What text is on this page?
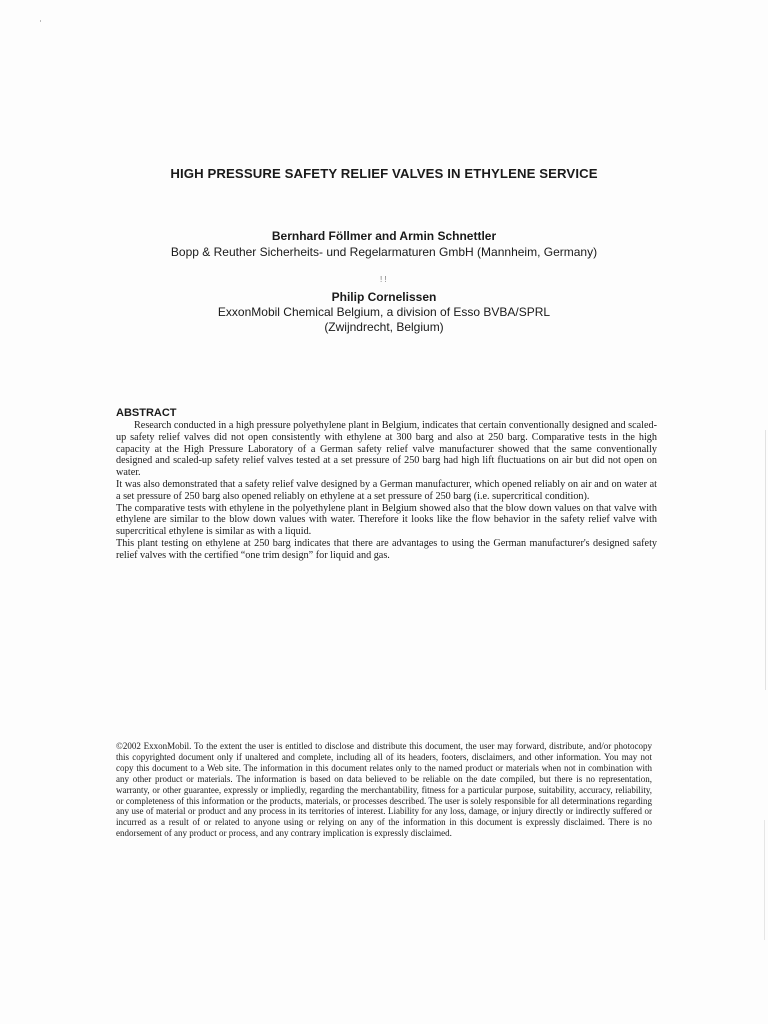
HIGH PRESSURE SAFETY RELIEF VALVES IN ETHYLENE SERVICE
Bernhard Föllmer and Armin Schnettler
Bopp & Reuther Sicherheits- und Regelarmaturen GmbH (Mannheim, Germany)
! !
Philip Cornelissen
ExxonMobil Chemical Belgium, a division of Esso BVBA/SPRL
(Zwijndrecht, Belgium)
ABSTRACT

Research conducted in a high pressure polyethylene plant in Belgium, indicates that certain conventionally designed and scaled-up safety relief valves did not open consistently with ethylene at 300 barg and also at 250 barg. Comparative tests in the high capacity at the High Pressure Laboratory of a German safety relief valve manufacturer showed that the same conventionally designed and scaled-up safety relief valves tested at a set pressure of 250 barg had high lift fluctuations on air but did not open on water.

It was also demonstrated that a safety relief valve designed by a German manufacturer, which opened reliably on air and on water at a set pressure of 250 barg also opened reliably on ethylene at a set pressure of 250 barg (i.e. supercritical condition).

The comparative tests with ethylene in the polyethylene plant in Belgium showed also that the blow down values on that valve with ethylene are similar to the blow down values with water. Therefore it looks like the flow behavior in the safety relief valve with supercritical ethylene is similar as with a liquid.

This plant testing on ethylene at 250 barg indicates that there are advantages to using the German manufacturer's designed safety relief valves with the certified “one trim design” for liquid and gas.

©2002 ExxonMobil. To the extent the user is entitled to disclose and distribute this document, the user may forward, distribute, and/or photocopy this copyrighted document only if unaltered and complete, including all of its headers, footers, disclaimers, and other information. You may not copy this document to a Web site. The information in this document relates only to the named product or materials when not in combination with any other product or materials. The information is based on data believed to be reliable on the date compiled, but there is no representation, warranty, or other guarantee, expressly or impliedly, regarding the merchantability, fitness for a particular purpose, suitability, accuracy, reliability, or completeness of this information or the products, materials, or processes described. The user is solely responsible for all determinations regarding any use of material or product and any process in its territories of interest. Liability for any loss, damage, or injury directly or indirectly suffered or incurred as a result of or related to anyone using or relying on any of the information in this document is expressly disclaimed. There is no endorsement of any product or process, and any contrary implication is expressly disclaimed.
